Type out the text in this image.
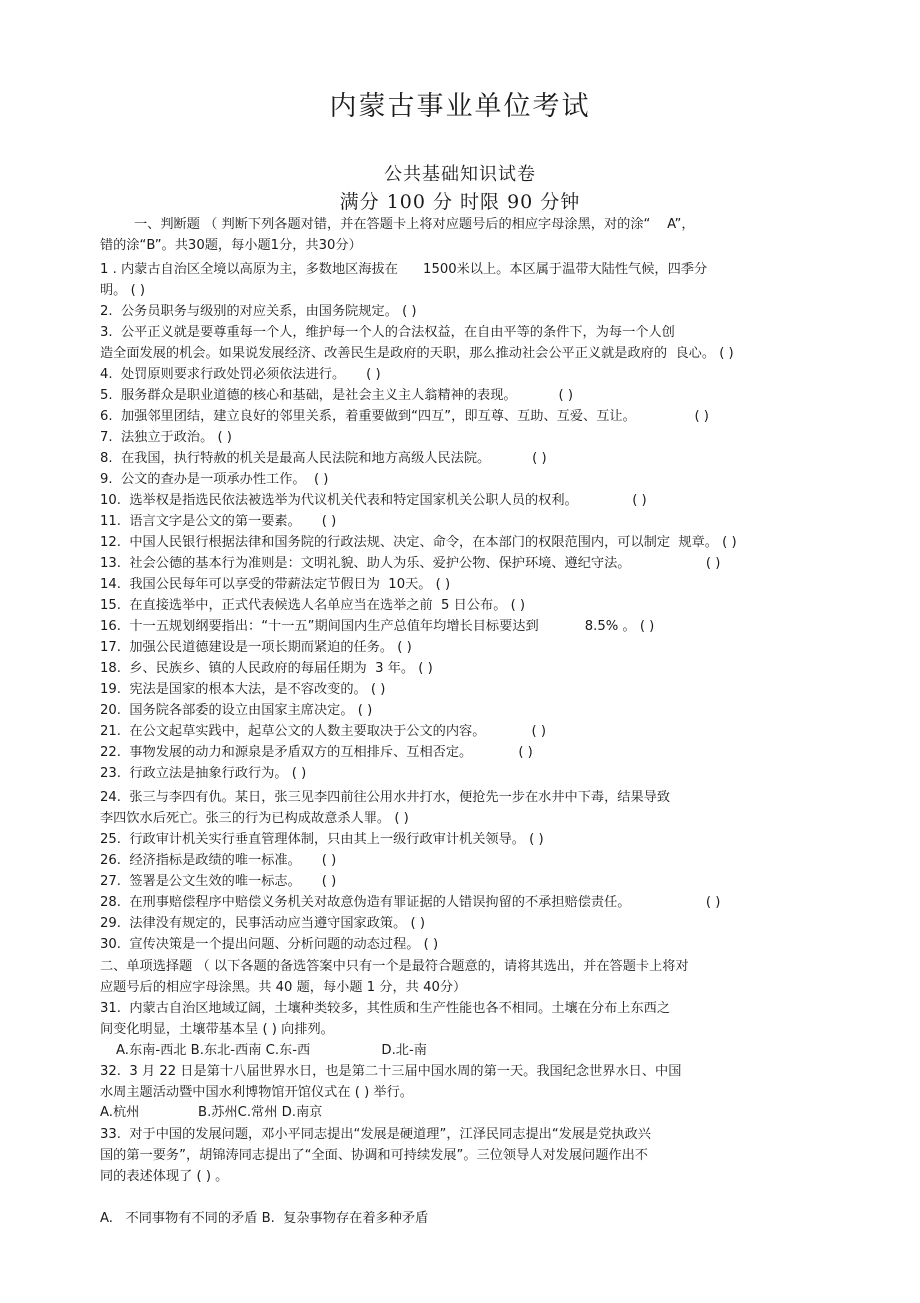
内蒙古事业单位考试
公共基础知识试卷
满分 100 分 时限 90 分钟
一、判断题 （ 判断下列各题对错，并在答题卡上将对应题号后的相应字母涂黑，对的涂“    A”，
错的涂“B”。共30题，每小题1分，共30分）
1 . 内蒙古自治区全境以高原为主，多数地区海拔在      1500米以上。本区属于温带大陆性气候，四季分
明。 ( )
2.  公务员职务与级别的对应关系，由国务院规定。 ( )
3.  公平正义就是要尊重每一个人，维护每一个人的合法权益，在自由平等的条件下，为每一个人创
造全面发展的机会。如果说发展经济、改善民生是政府的天职，那么推动社会公平正义就是政府的  良心。 ( )
4.  处罚原则要求行政处罚必须依法进行。     ( )
5.  服务群众是职业道德的核心和基础，是社会主义主人翁精神的表现。          ( )
6.  加强邻里团结，建立良好的邻里关系，着重要做到“四互”，即互尊、互助、互爱、互让。              ( )
7.  法独立于政治。 ( )
8.  在我国，执行特赦的机关是最高人民法院和地方高级人民法院。          ( )
9.  公文的查办是一项承办性工作。  ( )
10.  选举权是指选民依法被选举为代议机关代表和特定国家机关公职人员的权利。             ( )
11.  语言文字是公文的第一要素。     ( )
12.  中国人民银行根据法律和国务院的行政法规、决定、命令，在本部门的权限范围内，可以制定  规章。 ( )
13.  社会公德的基本行为准则是：文明礼貌、助人为乐、爱护公物、保护环境、遵纪守法。                  ( )
14.  我国公民每年可以享受的带薪法定节假日为  10天。 ( )
15.  在直接选举中，正式代表候选人名单应当在选举之前  5 日公布。 ( )
16.  十一五规划纲要指出：“十一五”期间国内生产总值年均增长目标要达到           8.5% 。 ( )
17.  加强公民道德建设是一项长期而紧迫的任务。 ( )
18.  乡、民族乡、镇的人民政府的每届任期为  3 年。 ( )
19.  宪法是国家的根本大法，是不容改变的。 ( )
20.  国务院各部委的设立由国家主席决定。 ( )
21.  在公文起草实践中，起草公文的人数主要取决于公文的内容。           ( )
22.  事物发展的动力和源泉是矛盾双方的互相排斥、互相否定。           ( )
23.  行政立法是抽象行政行为。 ( )
24.  张三与李四有仇。某日，张三见李四前往公用水井打水，便抢先一步在水井中下毒，结果导致
李四饮水后死亡。张三的行为已构成故意杀人罪。 ( )
25.  行政审计机关实行垂直管理体制，只由其上一级行政审计机关领导。 ( )
26.  经济指标是政绩的唯一标准。     ( )
27.  签署是公文生效的唯一标志。     ( )
28.  在刑事赔偿程序中赔偿义务机关对故意伪造有罪证据的人错误拘留的不承担赔偿责任。                  ( )
29.  法律没有规定的，民事活动应当遵守国家政策。 ( )
30.  宣传决策是一个提出问题、分析问题的动态过程。 ( )
二、单项选择题 （ 以下各题的备选答案中只有一个是最符合题意的，请将其选出，并在答题卡上将对
应题号后的相应字母涂黑。共 40 题，每小题 1 分，共 40分）
31.  内蒙古自治区地域辽阔，土壤种类较多，其性质和生产性能也各不相同。土壤在分布上东西之
间变化明显，土壤带基本呈 ( ) 向排列。
A.东南-西北 B.东北-西南 C.东-西                 D.北-南
32.  3 月 22 日是第十八届世界水日，也是第二十三届中国水周的第一天。我国纪念世界水日、中国
水周主题活动暨中国水利博物馆开馆仪式在 ( ) 举行。
A.杭州              B.苏州C.常州 D.南京
33.  对于中国的发展问题，邓小平同志提出“发展是硬道理”，江泽民同志提出“发展是党执政兴
国的第一要务”，胡锦涛同志提出了“全面、协调和可持续发展”。三位领导人对发展问题作出不
同的表述体现了 ( ) 。
A.   不同事物有不同的矛盾 B.  复杂事物存在着多种矛盾
